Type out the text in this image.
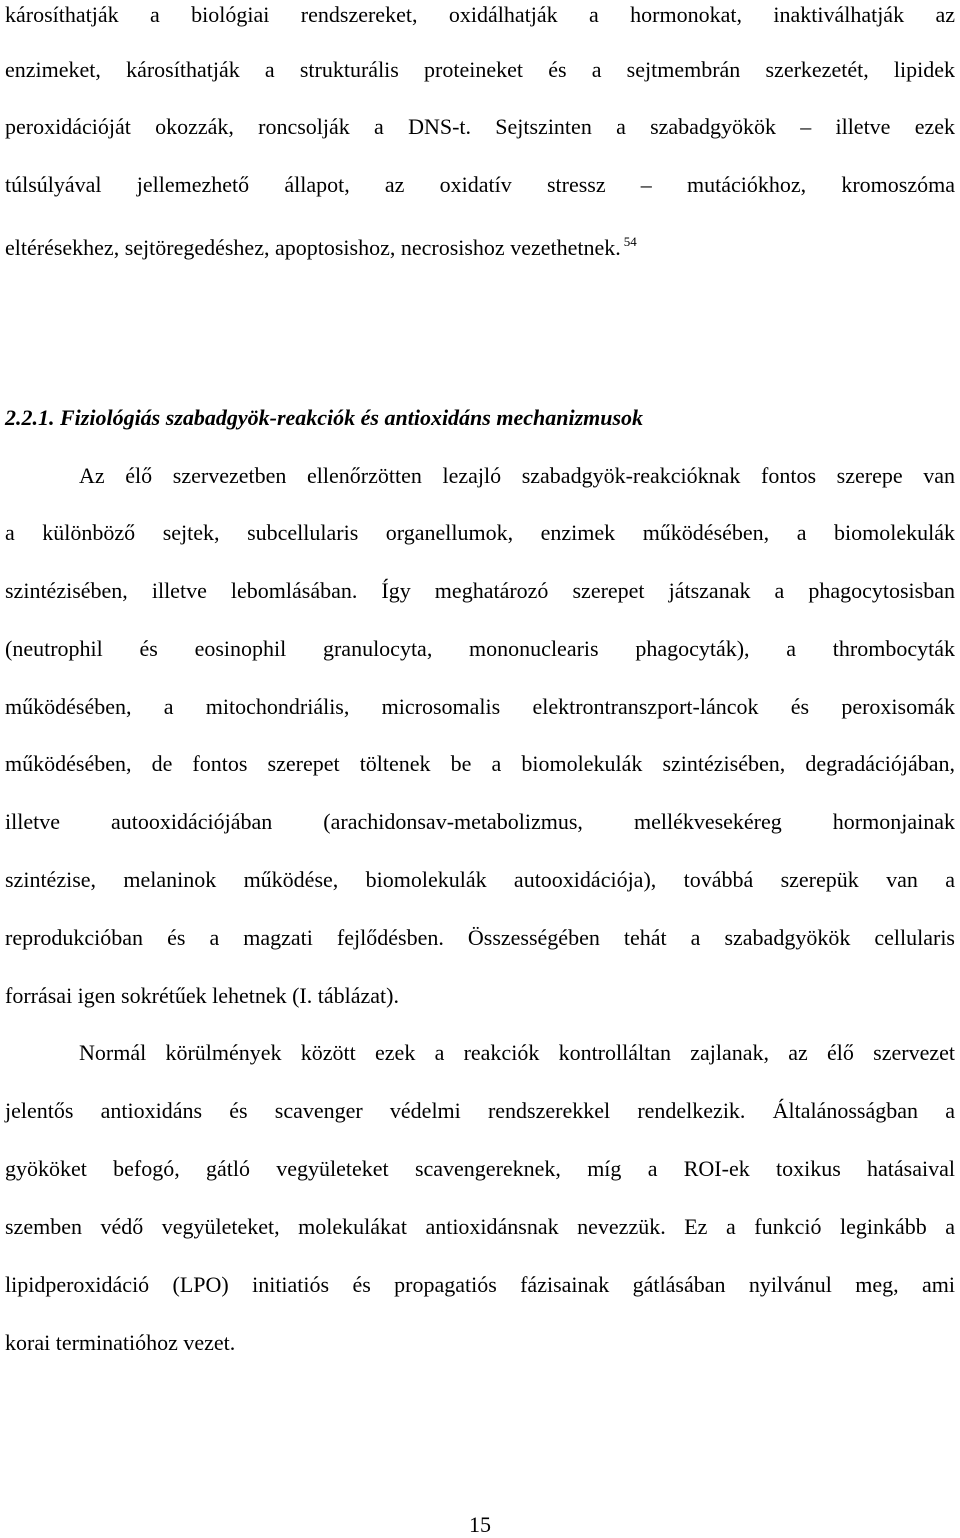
károsíthatják a biológiai rendszereket, oxidálhatják a hormonokat, inaktiválhatják az
enzimeket, károsíthatják a strukturális proteineket és a sejtmembrán szerkezetét, lipidek
peroxidációját okozzák, roncsolják a DNS-t. Sejtszinten a szabadgyökök – illetve ezek
túlsúlyával jellemezhető állapot, az oxidatív stressz – mutációkhoz, kromoszóma
eltérésekhez, sejtöregedéshez, apoptosishoz, necrosishoz vezethetnek. $^{54}$
2.2.1. Fiziológiás szabadgyök-reakciók és antioxidáns mechanizmusok
Az élő szervezetben ellenőrzötten lezajló szabadgyök-reakcióknak fontos szerepe van
a különböző sejtek, subcellularis organellumok, enzimek működésében, a biomolekulák
szintézisében, illetve lebomlásában. Így meghatározó szerepet játszanak a phagocytosisban
(neutrophil és eosinophil granulocyta, mononuclearis phagocyták), a thrombocyták
működésében, a mitochondriális, microsomalis elektrontranszport-láncok és peroxisomák
működésében, de fontos szerepet töltenek be a biomolekulák szintézisében, degradációjában,
illetve autooxidációjában (arachidonsav-metabolizmus, mellékvesekéreg hormonjainak
szintézise, melaninok működése, biomolekulák autooxidációja), továbbá szerepük van a
reprodukcióban és a magzati fejlődésben. Összességében tehát a szabadgyökök cellularis
forrásai igen sokrétűek lehetnek (I. táblázat).
Normál körülmények között ezek a reakciók kontrolláltan zajlanak, az élő szervezet
jelentős antioxidáns és scavenger védelmi rendszerekkel rendelkezik. Általánosságban a
gyököket befogó, gátló vegyületeket scavengereknek, míg a ROI-ek toxikus hatásaival
szemben védő vegyületeket, molekulákat antioxidánsnak nevezzük. Ez a funkció leginkább a
lipidperoxidáció (LPO) initiatiós és propagatiós fázisainak gátlásában nyilvánul meg, ami
korai terminatióhoz vezet.
15
